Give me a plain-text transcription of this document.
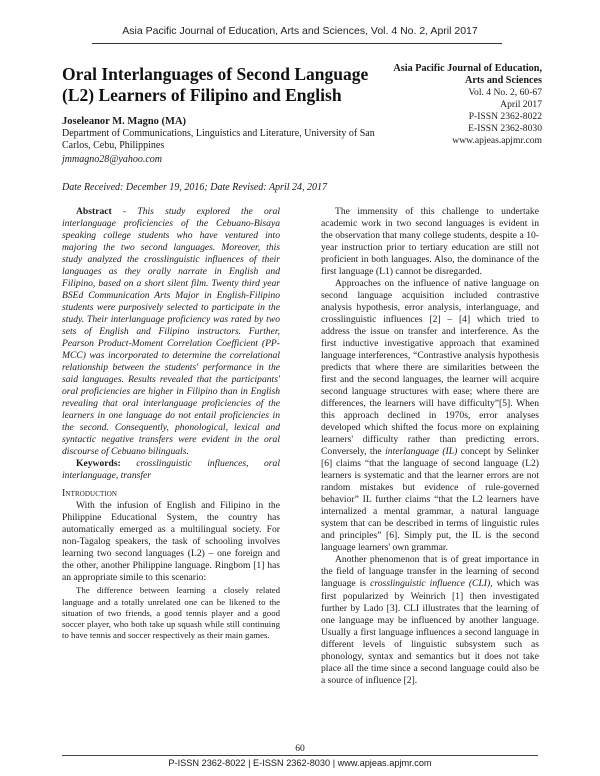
Asia Pacific Journal of Education, Arts and Sciences, Vol. 4 No. 2, April 2017
Oral Interlanguages of Second Language (L2) Learners of Filipino and English
Asia Pacific Journal of Education, Arts and Sciences
Vol. 4 No. 2, 60-67
April 2017
P-ISSN 2362-8022
E-ISSN 2362-8030
www.apjeas.apjmr.com
Joseleanor M. Magno (MA)
Department of Communications, Linguistics and Literature, University of San Carlos, Cebu, Philippines
jmmagno28@yahoo.com
Date Received: December 19, 2016; Date Revised: April 24, 2017

Abstract - This study explored the oral interlanguage proficiencies of the Cebuano-Bisaya speaking college students who have ventured into majoring the two second languages. Moreover, this study analyzed the crosslinguistic influences of their languages as they orally narrate in English and Filipino, based on a short silent film. Twenty third year BSEd Communication Arts Major in English-Filipino students were purposively selected to participate in the study. Their interlanguage proficiency was rated by two sets of English and Filipino instructors. Further, Pearson Product-Moment Correlation Coefficient (PP-MCC) was incorporated to determine the correlational relationship between the students' performance in the said languages. Results revealed that the participants' oral proficiencies are higher in Filipino than in English revealing that oral interlanguage proficiencies of the learners in one language do not entail proficiencies in the second. Consequently, phonological, lexical and syntactic negative transfers were evident in the oral discourse of Cebuano bilinguals.

Keywords: crosslinguistic influences, oral interlanguage, transfer

Introduction

With the infusion of English and Filipino in the Philippine Educational System, the country has automatically emerged as a multilingual society. For non-Tagalog speakers, the task of schooling involves learning two second languages (L2) – one foreign and the other, another Philippine language. Ringbom [1] has an appropriate simile to this scenario:

The difference between learning a closely related language and a totally unrelated one can be likened to the situation of two friends, a good tennis player and a good soccer player, who both take up squash while still continuing to have tennis and soccer respectively as their main games.

The immensity of this challenge to undertake academic work in two second languages is evident in the observation that many college students, despite a 10-year instruction prior to tertiary education are still not proficient in both languages. Also, the dominance of the first language (L1) cannot be disregarded.

Approaches on the influence of native language on second language acquisition included contrastive analysis hypothesis, error analysis, interlanguage, and crosslinguistic influences [2] – [4] which tried to address the issue on transfer and interference. As the first inductive investigative approach that examined language interferences, “Contrastive analysis hypothesis predicts that where there are similarities between the first and the second languages, the learner will acquire second language structures with ease; where there are differences, the learners will have difficulty”[5]. When this approach declined in 1970s, error analyses developed which shifted the focus more on explaining learners' difficulty rather than predicting errors. Conversely, the interlanguage (IL) concept by Selinker [6] claims “that the language of second language (L2) learners is systematic and that the learner errors are not random mistakes but evidence of rule-governed behavior” IL further claims “that the L2 learners have internalized a mental grammar, a natural language system that can be described in terms of linguistic rules and principles” [6]. Simply put, the IL is the second language learners' own grammar.

Another phenomenon that is of great importance in the field of language transfer in the learning of second language is crosslinguistic influence (CLI), which was first popularized by Weinrich [1] then investigated further by Lado [3]. CLI illustrates that the learning of one language may be influenced by another language. Usually a first language influences a second language in different levels of linguistic subsystem such as phonology, syntax and semantics but it does not take place all the time since a second language could also be a source of influence [2].

60
P-ISSN 2362-8022 | E-ISSN 2362-8030 | www.apjeas.apjmr.com
